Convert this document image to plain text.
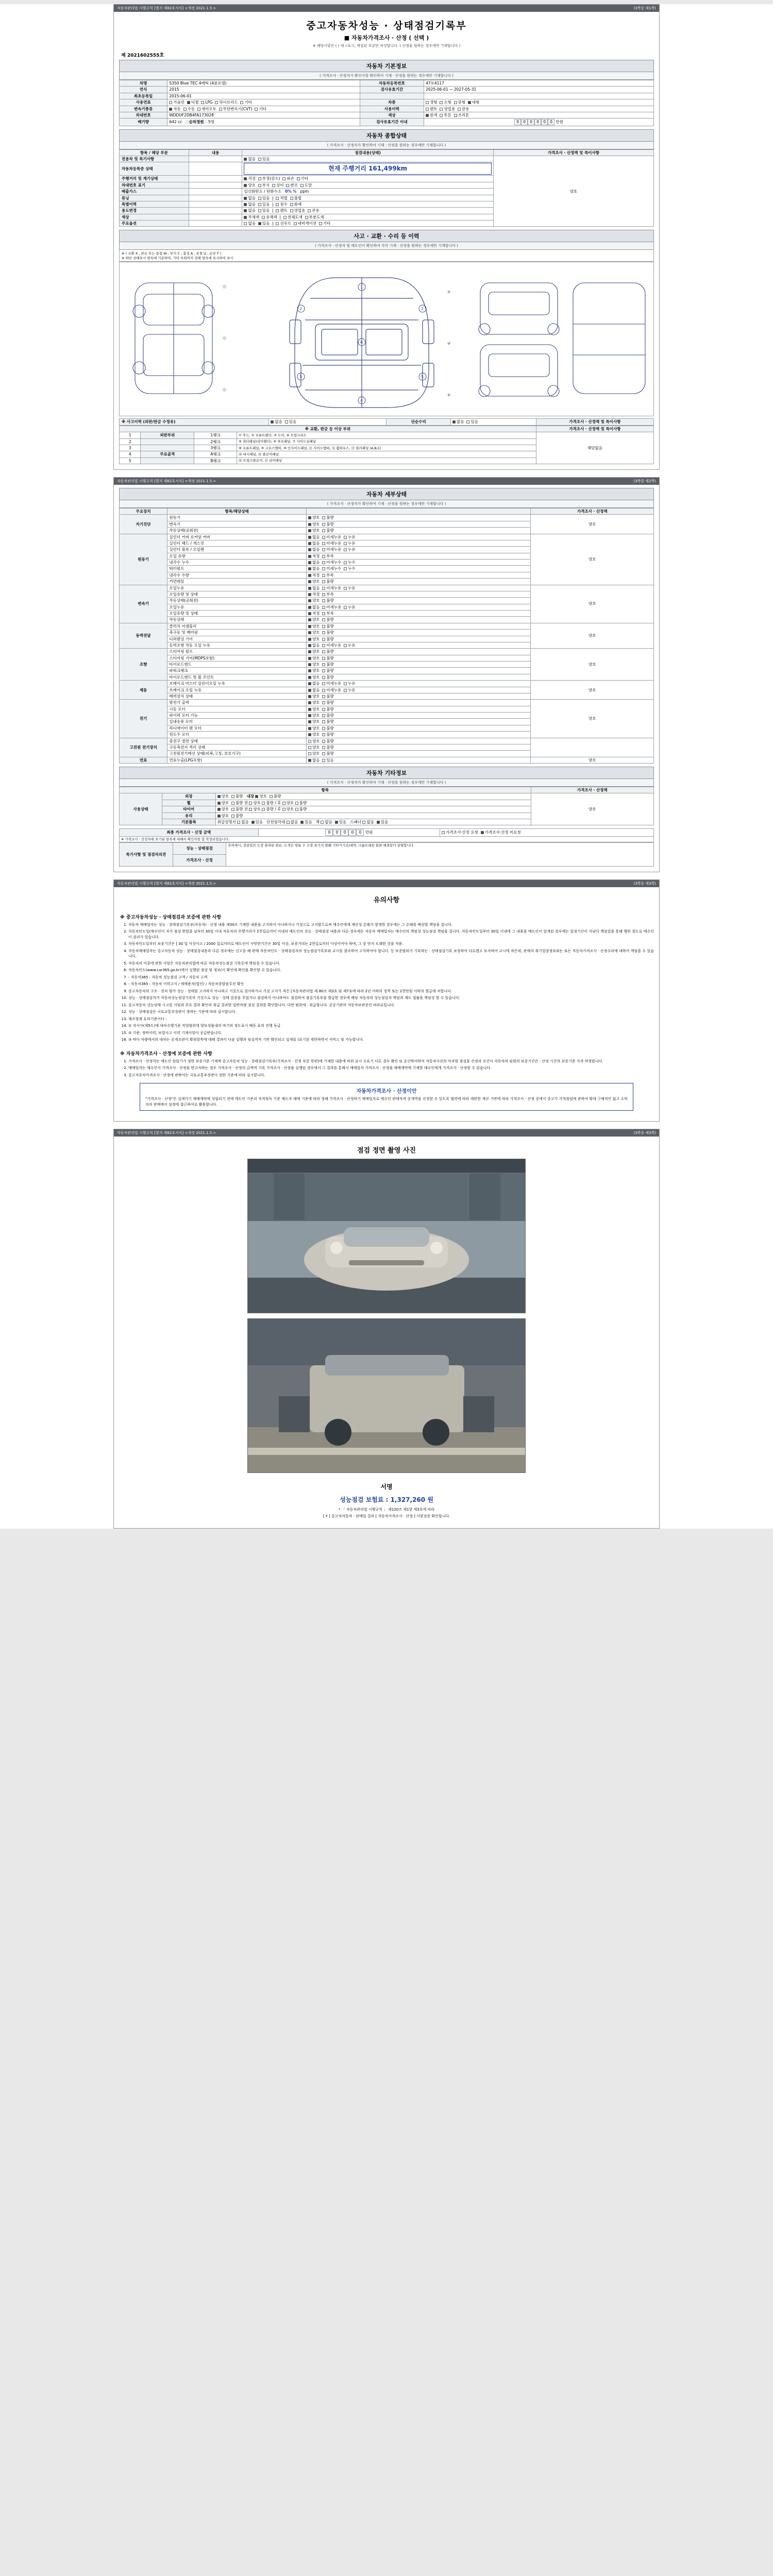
자동차관리법 시행규칙 [별지 제82호서식] <개정 2021.1.5.>	(3쪽중 제1쪽)
중고자동차성능 · 상태점검기록부
■ 자동차가격조사 · 산정 ( 선택 )
※ 해당사항은 ( ) 에 √표시, 색칠된 부분만 작성합니다. ( 산정을 원하는 경우에만 기재합니다 )
제 2021602555호
자동차 기본정보
( 가격조사 · 산정자가 확인사항 확인하여 기재 · 산정을 원하는 경우에만 기재합니다 )
차명	S350 Blue TEC 4매틱 (4륜모델)	자동차등록번호	47로4117
연식	2015	검사유효기간	2025-06-01 ~ 2027-05-31
최초등록일	2015-06-01		
사용연료	가솔린 디젤 LPG 하이브리드 기타	차종	경형 소형 중형 대형
변속기종류	자동 수동 세미오토 무단변속기(CVT) 기타	사용이력	렌트 영업용 관용
차대번호	WDDUF2DB4FA173028	색상	원색 투톤 쓰리톤
배기량	642 cc 승차정원 5명	검사유효기간 이내	0 0 0 0 0 0 만원
자동차 종합상태
( 가격조사 · 산정자가 확인하여 기재 · 산정을 원하는 경우에만 기재합니다 )
항목 / 해당 부분	내용	점검내용(상태)	가격조사 · 산정액 및 특이사항
전용차 및 특기사항		없음 있음	양호
자동차등록증 상태		현재 주행거리 161,499km	

주행거리 및 계기상태		적정 부정(감소) 파손 기타	
차대번호 표기		양호 부식 상이 변조 도말	
배출가스		일산화탄소 / 탄화수소   0% %   ppm	
튜닝		없음 있음  |  적법 불법	
특별이력		없음 있음  |  침수 화재	
용도변경		없음 있음  |  렌트 영업용 관용	
색상		무채색 유채색  |  전체도색 부분도색	
주요옵션		없음 있음  |  선루프 내비게이션 기타	
사고 · 교환 · 수리 등 이력
( 가격조사 · 산정자 및 매도인이 확인하여 각각 기재 · 산정을 원하는 경우에만 기재합니다 )
※ ( 교환 X , 판금 또는 용접 W , 부식 C , 흠집 A , 요철 U , 손상 T )
※ 하단 상태표시 항목에 기준하여, 기타 부위까지 상태 항목에 표시하여 표시
1
2	2
6
4
5	5
⑬
⑫
⑪
⑨
⑩
⑧
※ 사고이력 (외판/판금 수정유)	없음 있음	단순수리	없음 있음	가격조사 · 산정액 및 특이사항
※ 교환, 판금 등 이상 부위				가격조사 · 산정액 및 특이사항
1	외판부위	1랭크	① 후드, ② 프론트펜더, ③ 도어, ④ 트렁크리드	해당없음
2		2랭크	⑤ 쿼터패널(리어펜더), ⑥ 루프패널, ⑦ 사이드실패널	
3		3랭크	⑧ 프론트패널, ⑨ 크로스멤버, ⑩ 인사이드패널, ⑪ 사이드멤버, ⑫ 휠하우스, ⑬ 필러패널 (A,B,C)	
4	주요골격	A랭크	⑭ 대시패널, ⑮ 플로어패널	
5		B랭크	⑯ 트렁크플로어, ⑰ 리어패널	
자동차관리법 시행규칙 [별지 제82호서식] <개정 2021.1.5.>	(3쪽중 제2쪽)
자동차 세부상태
( 가격조사 · 산정자가 확인하여 기재 · 산정을 원하는 경우에만 기재합니다 )
주요장치	항목/해당상태		가격조사 · 산정액
자기진단	원동기	양호 불량	양호
	변속기	양호 불량	
	작동상태(공회전)	양호 불량	
원동기	실린더 커버 로커암 커버	없음 미세누유 누유	양호
	실린더 헤드 / 개스킷	없음 미세누유 누유	
	실린더 블록 / 오일팬	없음 미세누유 누유	
	오일 유량	적정 부족	
	냉각수 누수	없음 미세누수 누수	
	워터펌프	없음 미세누수 누수	
	냉각수 수량	적정 부족	
	커먼레일	양호 불량	
변속기	오일누유	없음 미세누유 누유	양호
	오일유량 및 상태	적정 부족	
	작동상태(공회전)	양호 불량	
	오일누유	없음 미세누유 누유	
	오일유량 및 상태	적정 부족	
	작동상태	양호 불량	
동력전달	클러치 어셈블리	양호 불량	양호
	축구동 및 베어링	양호 불량	
	디퍼렌셜 기어	양호 불량	
	동력조향 작동 오일 누유	없음 미세누유 누유	
조향	스티어링 펌프	양호 불량	양호
	스티어링 기어(MDPS포함)	양호 불량	
	타이로드엔드	양호 불량	
	파워크랭크	양호 불량	
	타이로드엔드 및 볼 조인트	양호 불량	
제동	브레이크 마스터 실린더오일 누유	없음 미세누유 누유	양호
	브레이크 오일 누유	없음 미세누유 누유	
	배력장치 상태	양호 불량	
전기	발전기 출력	양호 불량	양호
	시동 모터	양호 불량	
	와이퍼 모터 기능	양호 불량	
	실내송풍 모터	양호 불량	
	라디에이터 팬 모터	양호 불량	
	윈도우 모터	양호 불량	
고전원 전기장치	충전구 절연 상태	양호 불량	
	구동축전지 격리 상태	양호 불량	
	고전원전기배선 상태(피복,고정, 보호기구)	양호 불량	
연료	연료누출(LPG포함)	없음 있음	양호
자동차 기타정보
( 가격조사 · 산정자가 확인하여 기재 · 산정을 원하는 경우에만 기재합니다 )
항목			가격조사 · 산정액
사용상태	외장	양호 불량 내장 양호 불량	양호
	휠	양호 불량 전 양호 불량 / 후 양호 불량	
	타이어	양호 불량 전 양호 불량 / 후 양호 불량	
	유리	양호 불량	
	기본품목	취급설명서 없음 있음   안전삼각대 없음 있음   잭 없음 있음   스패너 없음 있음	
최종 가격조사 · 산정 금액	0 0 0 0 0 만원	가격조사·산정 요청 가격조사·산정 미요청
※ 가격조사 · 산정자에 표기된 항목에 대해서 확인사항 및 작성되었습니다.
특기사항 및 점검자의견	성능 · 상태점검	흔하제시, 검삼일브 도장 관리된 완료, 도색은 양륜 수 고장 표기지 발췌 기타기기로/내역, 크롬트레삼 불완 해결알디 삼열합니다.
가격조사 · 산정
자동차관리법 시행규칙 [별지 제82호서식] <개정 2021.1.5.>	(3쪽중 제3쪽)
유의사항
※ 중고자동차성능 · 상태점검과 보증에 관한 사항
1. 자동차 매매업자는 성능 · 상태점검기록부(자동차) · 산정 내용 제30조 기재한 내용을 고지하지 아니하거나 거짓으로 고지합으로써 매수인에게 재산상 손해가 발생한 경우에는 그 손해를 배상할 책임을 집니다.
2. 자동차인도일(매수인이 자가 점검 받았을 날부터 30일 이내 자동차의 주행거리가 2천킬로미터 이내의 매도인의 성능 · 상태점검 내용과 다른 경우에는 자동차 매매업자는 매수인의 책임성 성능점검 책임을 집니다. 자동차인도일부터 30일 이내에 그 내용을 매도인이 알게된 경우에는 일정기간이 지났다 책임감을 통해 행위 절도로 매수인이 권리가 있습니다.
3. 자동차인도일부터 보증기간은 [ 30 일 이상이고 / 2000 킬로미터로 매도인이 사망한기간은 30일 이상, 보증거리는 2천킬로미터 이상이어야 하며, 그 중 먼저 도래한 것을 적용.
4. 자동차매매업자는 중고자동차 성능 · 상태점검내용과 다른 경우에는 신고를 해 판매 자동차인도 · 상태점검자의 성능점검기록부와 교시를 참조하여 고지하여야 합니다. 등 보증범위가 기록하는 · 상태점검기록 보장하여 다르겠고 보지하여 교시에 작은데, 판매자 취기업장정보와는 또는 자동차가격조사 · 산정수리에 대하여 책임을 수 있습니다.
5. 자동차의 이중에 관한 사항은 자동차관리법에 따른 자동차성능점검 기록등에 책임질 수 있습니다.
6. 자동차인도(www.car365.go.kr)에서 실행된 점검 및 정보(이 확인에 확인물 확인할 수 있습니다.
7. - 자동차365 : 자동차 성능점검 고객 / 자동차 고객
8. - 자동차365 : 자동차 이력고지 / 매매용자(법인) / 자동차종합솔루션 확인
9. 중고자동차의 구조 · 장치 평가 성능 · 상태를 고지하지 아니하고 거짓으로 검사하거나 거짓 고지가 적은 [자동차관리법 제 80조 제3호 및 제7호에 따라 2년 이하의 징역 또는 2천만원 이하의 벌금에 처합니다.
10. 성능 · 상태점검자가 자동차성능점검기록부 거짓으로 성능 · 상태 검증을 주었거나 점검하지 아니하여도 점검하여 점검기록부를 발급한 경우에 해당 자동차의 성능점검자 책임과 제도 법률을 책임성 할 수 있습니다.
11. 중고자동차 성능상태 시고를 지원과 주요 결과 확인의 취급 결과한 일반차량 점검 결과를 확인합니다. 다만 범위에 · 취급합니다. 공공기관의 자동차보관증인 바라로입니다.
12. 성능 · 상태점검은 국토교통부장관이 정하는 기준에 따라 실시합니다.
13. 제조형제 유의기준이다 :
14. ① 자사사(제5도)에 대차수행기준 작업범위에 양보상품내의 바기의 정도표시 배등 표의 진행 동급
15. ② 기준, 정비이력, 보험사고 이력 기재사항이 공급받습니다.
16. ③ 바다 차량에서의 대차는 공개조판이 확취항목에 대해 결과이 다음 실행과 임실격적 기반 확인되고 설계를 (표기된 세만하면서 서비스 및 가능합니다.
※ 자동차가격조사 · 산정에 보증에 관한 사항
1. 가격조사 · 산정자는 매도인 삼았기가 정한 보증기준 기재에 중고자동차 성능 · 상태점검기록부(가격조사 · 산정 부문 한편)에 기재한 내용에 허위 표시 오표기 다른 경우 확인 또 순간하여하여 자동차사진의 마차할 점검을 산정과 조건이 자동차의 임원의 보증기간은 · 산정 기간의 보증기준 가격 약정합니다.
2. 매매업자는 매수인이 가격조사 · 산정을 받고자하는 경우 가격조사 · 산정의 금액적 기록 가격조사 · 산정물 실행된 경우에서 그 결과를 통해서 매매업자 가격조사 · 산정을 매매계약에 기재한 매수인에게 가격조사 · 산정할 수 있습니다.
3. 중고자동차가격조사 · 산정에 관하여는 국토교통부장관이 정한 기준에 따라 실시합니다.
자동차가격조사 · 산정이안

"가격조사 · 산정"은 실제가기 매매계약에 성립되기 전에 매도인 기준의 자격취득 기준 매도자 매매 기준에 따라 정해 가격조사 · 산정하기 매매업자로 매수인 판매자격 중개역을 산정할 수 있도록 협력에 따라 제한한 계산 기반에 따라 가격조사 · 산정 중에서 중고가 가격취임에 관하여 확대 구체적인 없고 소비자의 판매에서 설정에 접근하여로 활용합니다.

자동차관리법 시행규칙 [별지 제82호서식] <개정 2021.1.5.>	(3쪽중 제3쪽)
점검 정면 촬영 사진
서명
성능점검 보험료 : 1,327,260 원
* 「 자동차관리법 시행규칙 」 제120조 제1항 제3호에 따라
[ Y ] 중고차자동차 · 판매업 결과 [ 자동차가격조사 · 산정 ] 사항검증 확인합니다.
